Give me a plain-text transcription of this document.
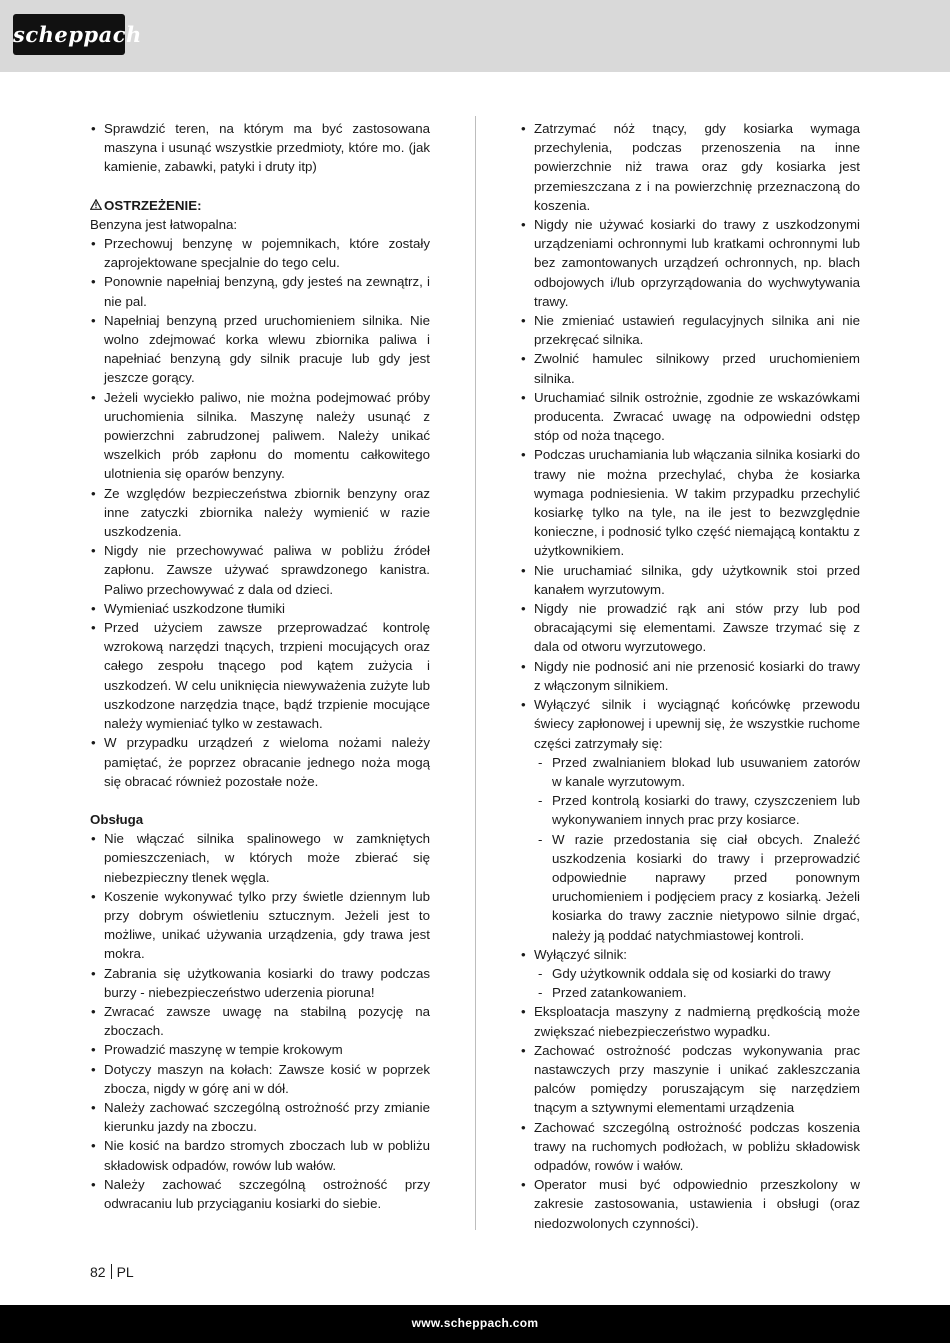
scheppach
• Sprawdzić teren, na którym ma być zastosowana maszyna i usunąć wszystkie przedmioty, które mo. (jak kamienie, zabawki, patyki i druty itp)
OSTRZEŻENIE:
Benzyna jest łatwopalna:
• Przechowuj benzynę w pojemnikach, które zostały zaprojektowane specjalnie do tego celu.
• Ponownie napełniaj benzyną, gdy jesteś na zewnątrz, i nie pal.
• Napełniaj benzyną przed uruchomieniem silnika. Nie wolno zdejmować korka wlewu zbiornika paliwa i napełniać benzyną gdy silnik pracuje lub gdy jest jeszcze gorący.
• Jeżeli wyciekło paliwo, nie można podejmować próby uruchomienia silnika. Maszynę należy usunąć z powierzchni zabrudzonej paliwem. Należy unikać wszelkich prób zapłonu do momentu całkowitego ulotnienia się oparów benzyny.
• Ze względów bezpieczeństwa zbiornik benzyny oraz inne zatyczki zbiornika należy wymienić w razie uszkodzenia.
• Nigdy nie przechowywać paliwa w pobliżu źródeł zapłonu. Zawsze używać sprawdzonego kanistra. Paliwo przechowywać z dala od dzieci.
• Wymieniać uszkodzone tłumiki
• Przed użyciem zawsze przeprowadzać kontrolę wzrokową narzędzi tnących, trzpieni mocujących oraz całego zespołu tnącego pod kątem zużycia i uszkodzeń. W celu uniknięcia niewyważenia zużyte lub uszkodzone narzędzia tnące, bądź trzpienie mocujące należy wymieniać tylko w zestawach.
• W przypadku urządzeń z wieloma nożami należy pamiętać, że poprzez obracanie jednego noża mogą się obracać również pozostałe noże.
Obsługa
• Nie włączać silnika spalinowego w zamkniętych pomieszczeniach, w których może zbierać się niebezpieczny tlenek węgla.
• Koszenie wykonywać tylko przy świetle dziennym lub przy dobrym oświetleniu sztucznym. Jeżeli jest to możliwe, unikać używania urządzenia, gdy trawa jest mokra.
• Zabrania się użytkowania kosiarki do trawy podczas burzy - niebezpieczeństwo uderzenia pioruna!
• Zwracać zawsze uwagę na stabilną pozycję na zboczach.
• Prowadzić maszynę w tempie krokowym
• Dotyczy maszyn na kołach: Zawsze kosić w poprzek zbocza, nigdy w górę ani w dół.
• Należy zachować szczególną ostrożność przy zmianie kierunku jazdy na zboczu.
• Nie kosić na bardzo stromych zboczach lub w pobliżu składowisk odpadów, rowów lub wałów.
• Należy zachować szczególną ostrożność przy odwracaniu lub przyciąganiu kosiarki do siebie.
• Zatrzymać nóż tnący, gdy kosiarka wymaga przechylenia, podczas przenoszenia na inne powierzchnie niż trawa oraz gdy kosiarka jest przemieszczana z i na powierzchnię przeznaczoną do koszenia.
• Nigdy nie używać kosiarki do trawy z uszkodzonymi urządzeniami ochronnymi lub kratkami ochronnymi lub bez zamontowanych urządzeń ochronnych, np. blach odbojowych i/lub oprzyrządowania do wychwytywania trawy.
• Nie zmieniać ustawień regulacyjnych silnika ani nie przekręcać silnika.
• Zwolnić hamulec silnikowy przed uruchomieniem silnika.
• Uruchamiać silnik ostrożnie, zgodnie ze wskazówkami producenta. Zwracać uwagę na odpowiedni odstęp stóp od noża tnącego.
• Podczas uruchamiania lub włączania silnika kosiarki do trawy nie można przechylać, chyba że kosiarka wymaga podniesienia. W takim przypadku przechylić kosiarkę tylko na tyle, na ile jest to bezwzględnie konieczne, i podnosić tylko część niemającą kontaktu z użytkownikiem.
• Nie uruchamiać silnika, gdy użytkownik stoi przed kanałem wyrzutowym.
• Nigdy nie prowadzić rąk ani stów przy lub pod obracającymi się elementami. Zawsze trzymać się z dala od otworu wyrzutowego.
• Nigdy nie podnosić ani nie przenosić kosiarki do trawy z włączonym silnikiem.
• Wyłączyć silnik i wyciągnąć końcówkę przewodu świecy zapłonowej i upewnij się, że wszystkie ruchome części zatrzymały się:
- Przed zwalnianiem blokad lub usuwaniem zatorów w kanale wyrzutowym.
- Przed kontrolą kosiarki do trawy, czyszczeniem lub wykonywaniem innych prac przy kosiarce.
- W razie przedostania się ciał obcych. Znaleźć uszkodzenia kosiarki do trawy i przeprowadzić odpowiednie naprawy przed ponownym uruchomieniem i podjęciem pracy z kosiarką. Jeżeli kosiarka do trawy zacznie nietypowo silnie drgać, należy ją poddać natychmiastowej kontroli.
• Wyłączyć silnik:
- Gdy użytkownik oddala się od kosiarki do trawy
- Przed zatankowaniem.
• Eksploatacja maszyny z nadmierną prędkością może zwiększać niebezpieczeństwo wypadku.
• Zachować ostrożność podczas wykonywania prac nastawczych przy maszynie i unikać zakleszczania palców pomiędzy poruszającym się narzędziem tnącym a sztywnymi elementami urządzenia
• Zachować szczególną ostrożność podczas koszenia trawy na ruchomych podłożach, w pobliżu składowisk odpadów, rowów i wałów.
• Operator musi być odpowiednio przeszkolony w zakresie zastosowania, ustawienia i obsługi (oraz niedozwolonych czynności).
82 PL
www.scheppach.com
